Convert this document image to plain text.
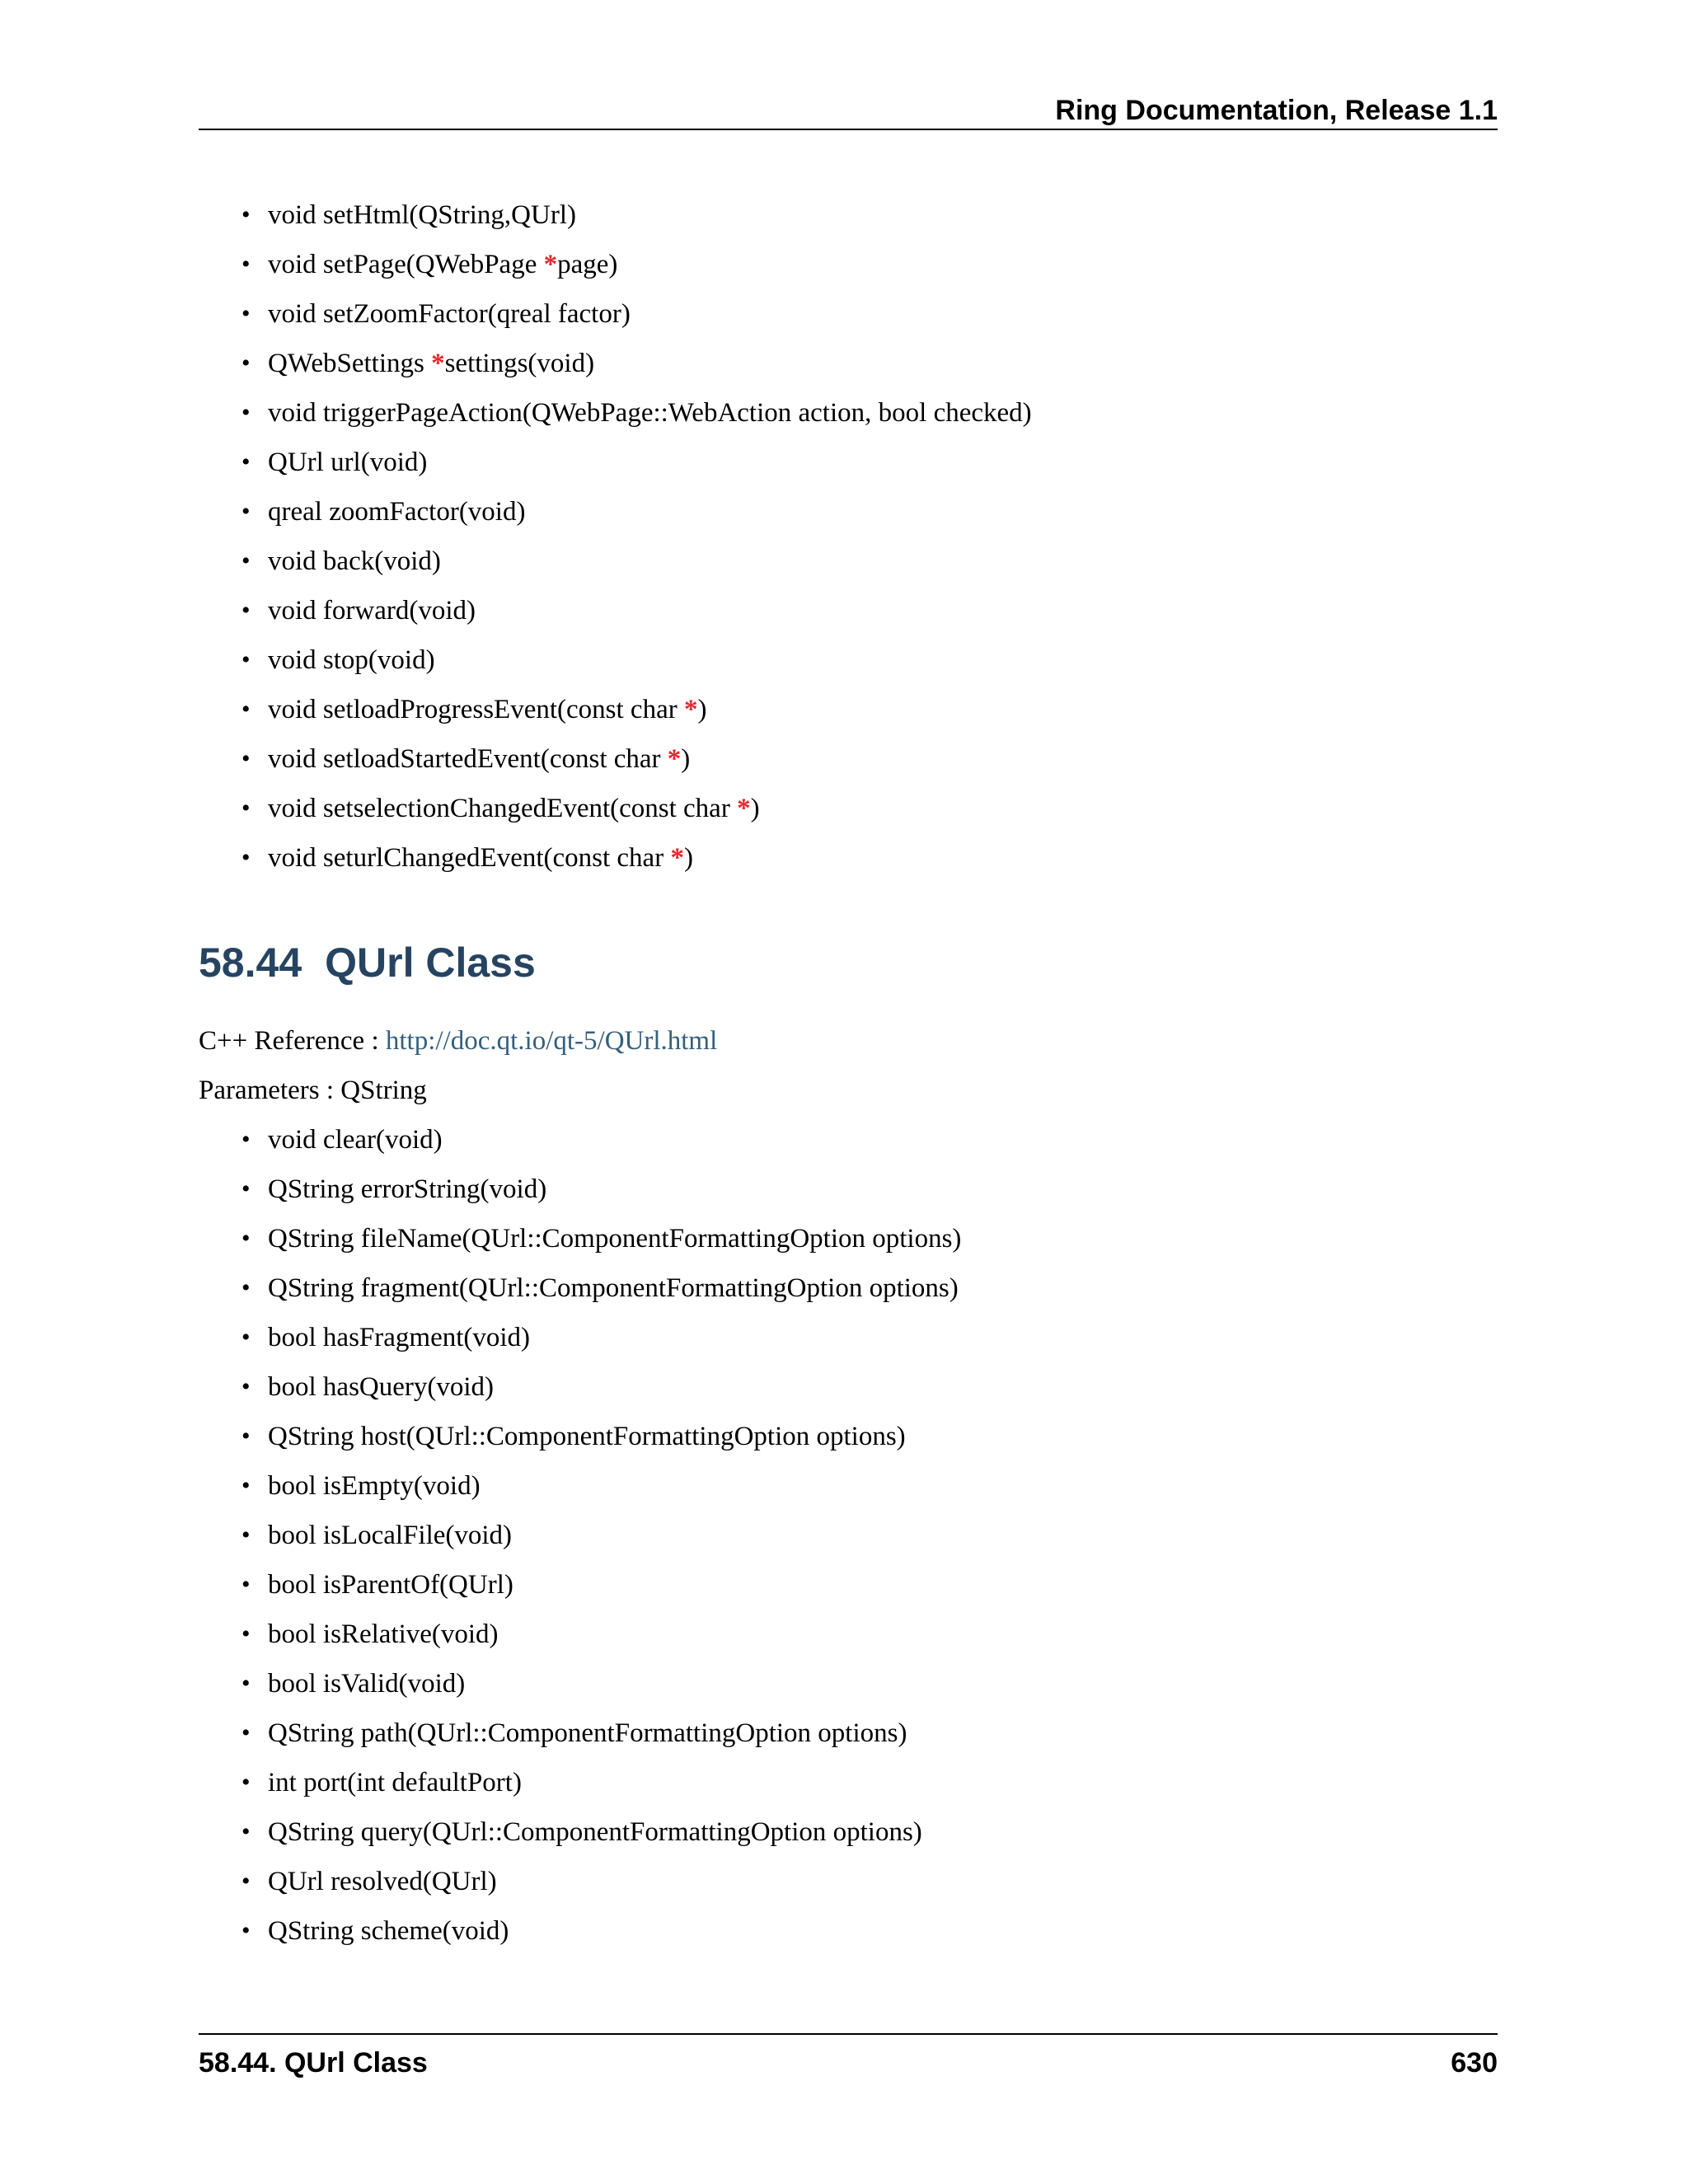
Ring Documentation, Release 1.1
• void setHtml(QString,QUrl)
• void setPage(QWebPage *page)
• void setZoomFactor(qreal factor)
• QWebSettings *settings(void)
• void triggerPageAction(QWebPage::WebAction action, bool checked)
• QUrl url(void)
• qreal zoomFactor(void)
• void back(void)
• void forward(void)
• void stop(void)
• void setloadProgressEvent(const char *)
• void setloadStartedEvent(const char *)
• void setselectionChangedEvent(const char *)
• void seturlChangedEvent(const char *)
58.44 QUrl Class
C++ Reference : http://doc.qt.io/qt-5/QUrl.html
Parameters : QString
• void clear(void)
• QString errorString(void)
• QString fileName(QUrl::ComponentFormattingOption options)
• QString fragment(QUrl::ComponentFormattingOption options)
• bool hasFragment(void)
• bool hasQuery(void)
• QString host(QUrl::ComponentFormattingOption options)
• bool isEmpty(void)
• bool isLocalFile(void)
• bool isParentOf(QUrl)
• bool isRelative(void)
• bool isValid(void)
• QString path(QUrl::ComponentFormattingOption options)
• int port(int defaultPort)
• QString query(QUrl::ComponentFormattingOption options)
• QUrl resolved(QUrl)
• QString scheme(void)
58.44. QUrl Class	630
